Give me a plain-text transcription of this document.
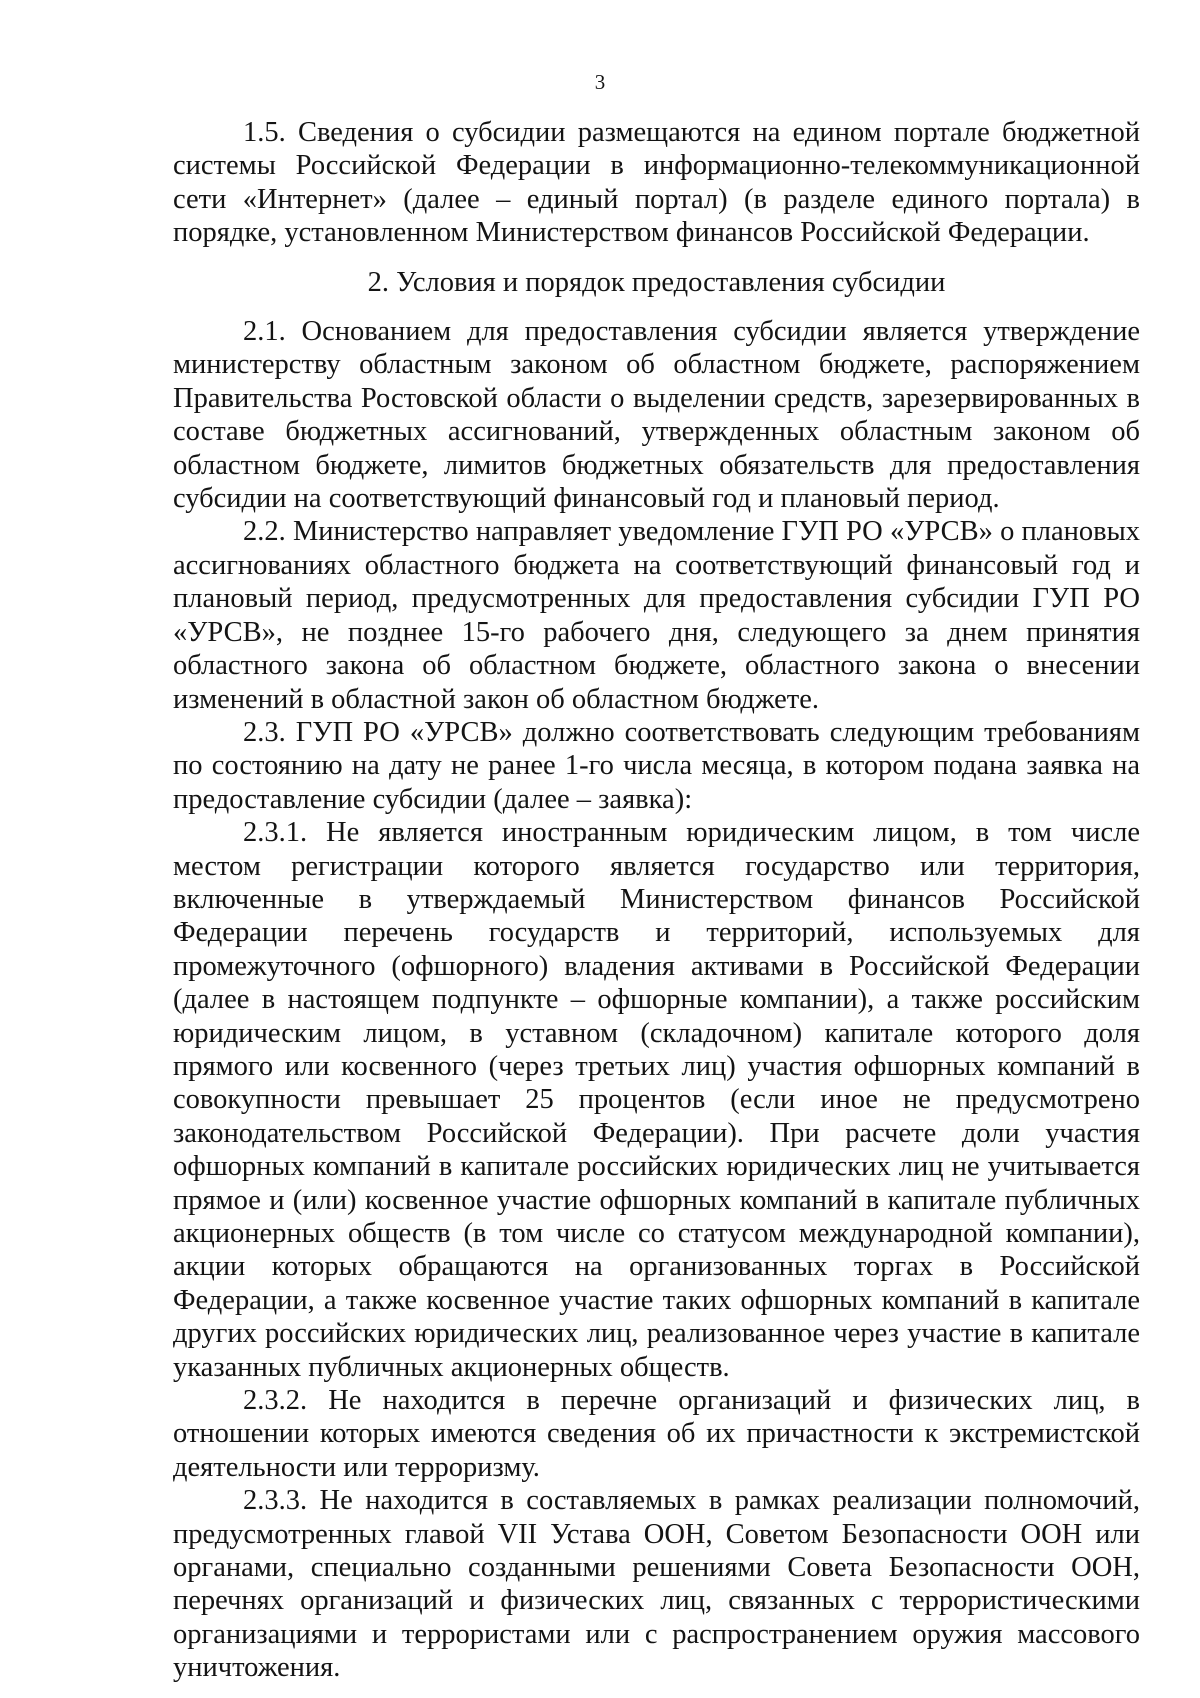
3

1.5. Сведения о субсидии размещаются на едином портале бюджетной системы Российской Федерации в информационно-телекоммуникационной сети «Интернет» (далее – единый портал) (в разделе единого портала) в порядке, установленном Министерством финансов Российской Федерации.

2. Условия и порядок предоставления субсидии

2.1. Основанием для предоставления субсидии является утверждение министерству областным законом об областном бюджете, распоряжением Правительства Ростовской области о выделении средств, зарезервированных в составе бюджетных ассигнований, утвержденных областным законом об областном бюджете, лимитов бюджетных обязательств для предоставления субсидии на соответствующий финансовый год и плановый период.

2.2. Министерство направляет уведомление ГУП РО «УРСВ» о плановых ассигнованиях областного бюджета на соответствующий финансовый год и плановый период, предусмотренных для предоставления субсидии ГУП РО «УРСВ», не позднее 15-го рабочего дня, следующего за днем принятия областного закона об областном бюджете, областного закона о внесении изменений в областной закон об областном бюджете.

2.3. ГУП РО «УРСВ» должно соответствовать следующим требованиям по состоянию на дату не ранее 1-го числа месяца, в котором подана заявка на предоставление субсидии (далее – заявка):

2.3.1. Не является иностранным юридическим лицом, в том числе местом регистрации которого является государство или территория, включенные в утверждаемый Министерством финансов Российской Федерации перечень государств и территорий, используемых для промежуточного (офшорного) владения активами в Российской Федерации (далее в настоящем подпункте – офшорные компании), а также российским юридическим лицом, в уставном (складочном) капитале которого доля прямого или косвенного (через третьих лиц) участия офшорных компаний в совокупности превышает 25 процентов (если иное не предусмотрено законодательством Российской Федерации). При расчете доли участия офшорных компаний в капитале российских юридических лиц не учитывается прямое и (или) косвенное участие офшорных компаний в капитале публичных акционерных обществ (в том числе со статусом международной компании), акции которых обращаются на организованных торгах в Российской Федерации, а также косвенное участие таких офшорных компаний в капитале других российских юридических лиц, реализованное через участие в капитале указанных публичных акционерных обществ.

2.3.2. Не находится в перечне организаций и физических лиц, в отношении которых имеются сведения об их причастности к экстремистской деятельности или терроризму.

2.3.3. Не находится в составляемых в рамках реализации полномочий, предусмотренных главой VII Устава ООН, Советом Безопасности ООН или органами, специально созданными решениями Совета Безопасности ООН, перечнях организаций и физических лиц, связанных с террористическими организациями и террористами или с распространением оружия массового уничтожения.
